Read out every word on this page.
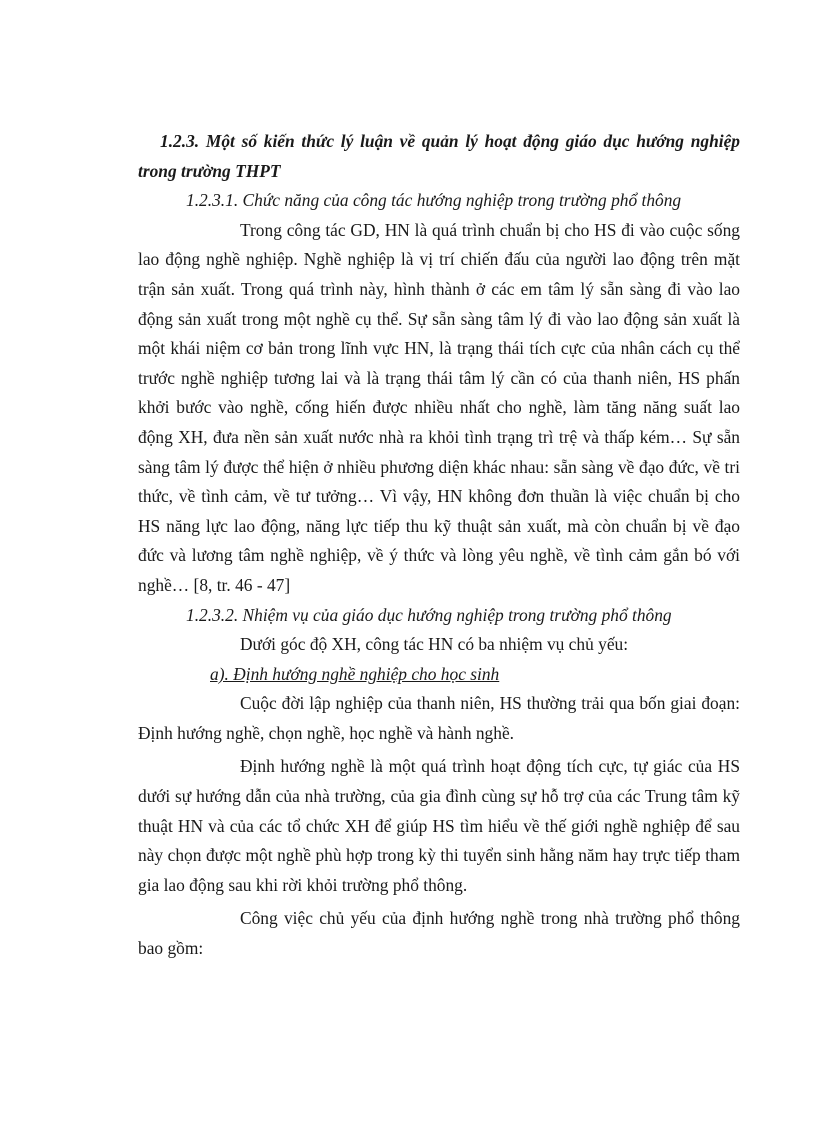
1.2.3. Một số kiến thức lý luận về quản lý hoạt động giáo dục hướng nghiệp trong trường THPT

1.2.3.1. Chức năng của công tác hướng nghiệp trong trường phổ thông

Trong công tác GD, HN là quá trình chuẩn bị cho HS đi vào cuộc sống lao động nghề nghiệp. Nghề nghiệp là vị trí chiến đấu của người lao động trên mặt trận sản xuất. Trong quá trình này, hình thành ở các em tâm lý sẵn sàng đi vào lao động sản xuất trong một nghề cụ thể. Sự sẵn sàng tâm lý đi vào lao động sản xuất là một khái niệm cơ bản trong lĩnh vực HN, là trạng thái tích cực của nhân cách cụ thể trước nghề nghiệp tương lai và là trạng thái tâm lý cần có của thanh niên, HS phấn khởi bước vào nghề, cống hiến được nhiều nhất cho nghề, làm tăng năng suất lao động XH, đưa nền sản xuất nước nhà ra khỏi tình trạng trì trệ và thấp kém… Sự sẵn sàng tâm lý được thể hiện ở nhiều phương diện khác nhau: sẵn sàng về đạo đức, về tri thức, về tình cảm, về tư tưởng… Vì vậy, HN không đơn thuần là việc chuẩn bị cho HS năng lực lao động, năng lực tiếp thu kỹ thuật sản xuất, mà còn chuẩn bị về đạo đức và lương tâm nghề nghiệp, về ý thức và lòng yêu nghề, về tình cảm gắn bó với nghề… [8, tr. 46 - 47]

1.2.3.2. Nhiệm vụ của giáo dục hướng nghiệp trong trường phổ thông

Dưới góc độ XH, công tác HN có ba nhiệm vụ chủ yếu:

a). Định hướng nghề nghiệp cho học sinh

Cuộc đời lập nghiệp của thanh niên, HS thường trải qua bốn giai đoạn: Định hướng nghề, chọn nghề, học nghề và hành nghề.

Định hướng nghề là một quá trình hoạt động tích cực, tự giác của HS dưới sự hướng dẫn của nhà trường, của gia đình cùng sự hỗ trợ của các Trung tâm kỹ thuật HN và của các tổ chức XH để giúp HS tìm hiểu về thế giới nghề nghiệp để sau này chọn được một nghề phù hợp trong kỳ thi tuyển sinh hằng năm hay trực tiếp tham gia lao động sau khi rời khỏi trường phổ thông.

Công việc chủ yếu của định hướng nghề trong nhà trường phổ thông bao gồm:
